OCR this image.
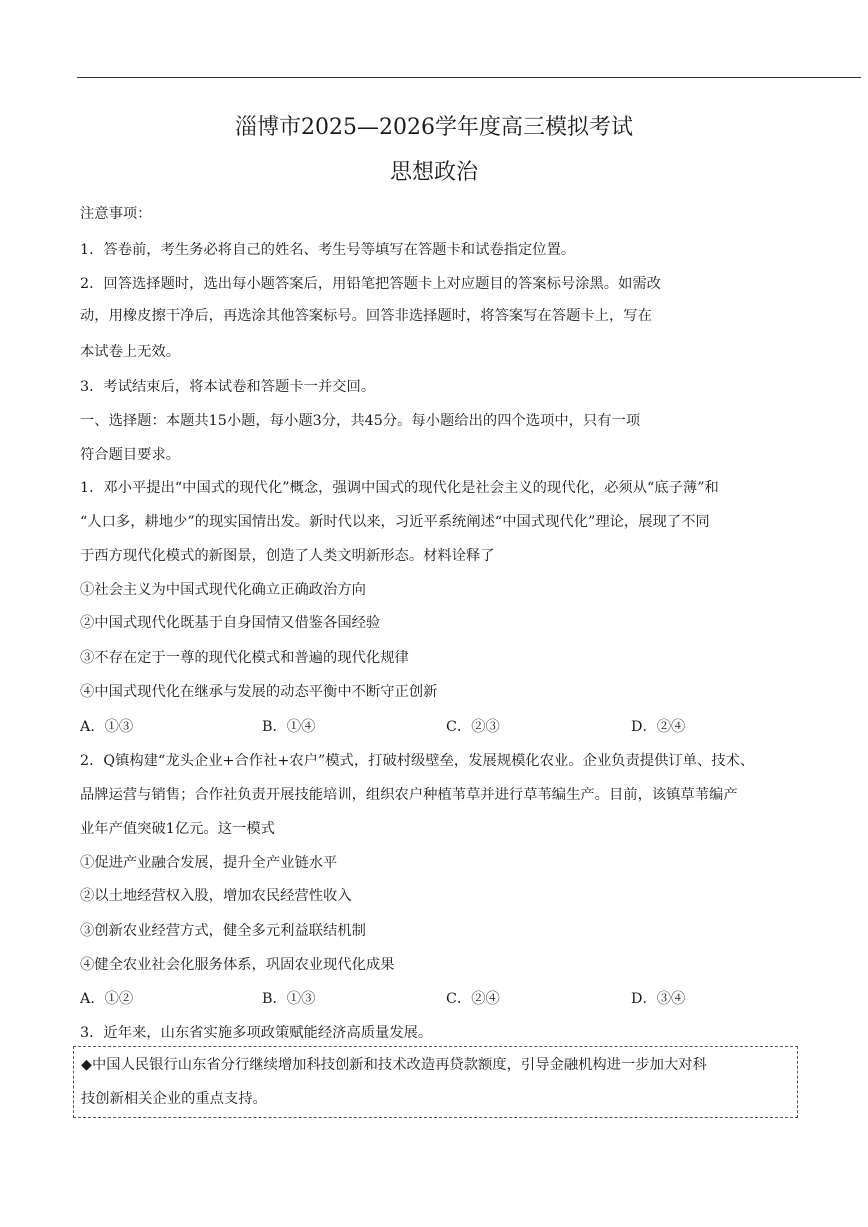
淄博市2025—2026学年度高三模拟考试
思想政治
注意事项：
1．答卷前，考生务必将自己的姓名、考生号等填写在答题卡和试卷指定位置。
2．回答选择题时，选出每小题答案后，用铅笔把答题卡上对应题目的答案标号涂黑。如需改
动，用橡皮擦干净后，再选涂其他答案标号。回答非选择题时，将答案写在答题卡上，写在
本试卷上无效。
3．考试结束后，将本试卷和答题卡一并交回。
一、选择题：本题共15小题，每小题3分，共45分。每小题给出的四个选项中，只有一项
符合题目要求。
1．邓小平提出“中国式的现代化”概念，强调中国式的现代化是社会主义的现代化，必须从“底子薄”和
“人口多，耕地少”的现实国情出发。新时代以来，习近平系统阐述“中国式现代化”理论，展现了不同
于西方现代化模式的新图景，创造了人类文明新形态。材料诠释了
①社会主义为中国式现代化确立正确政治方向
②中国式现代化既基于自身国情又借鉴各国经验
③不存在定于一尊的现代化模式和普遍的现代化规律
④中国式现代化在继承与发展的动态平衡中不断守正创新
A．①③	B．①④	C．②③	D．②④
2．Q镇构建“龙头企业+合作社+农户”模式，打破村级壁垒，发展规模化农业。企业负责提供订单、技术、
品牌运营与销售；合作社负责开展技能培训，组织农户种植苇草并进行草苇编生产。目前，该镇草苇编产
业年产值突破1亿元。这一模式
①促进产业融合发展，提升全产业链水平
②以土地经营权入股，增加农民经营性收入
③创新农业经营方式，健全多元利益联结机制
④健全农业社会化服务体系，巩固农业现代化成果
A．①②	B．①③	C．②④	D．③④
3．近年来，山东省实施多项政策赋能经济高质量发展。
◆中国人民银行山东省分行继续增加科技创新和技术改造再贷款额度，引导金融机构进一步加大对科
技创新相关企业的重点支持。
